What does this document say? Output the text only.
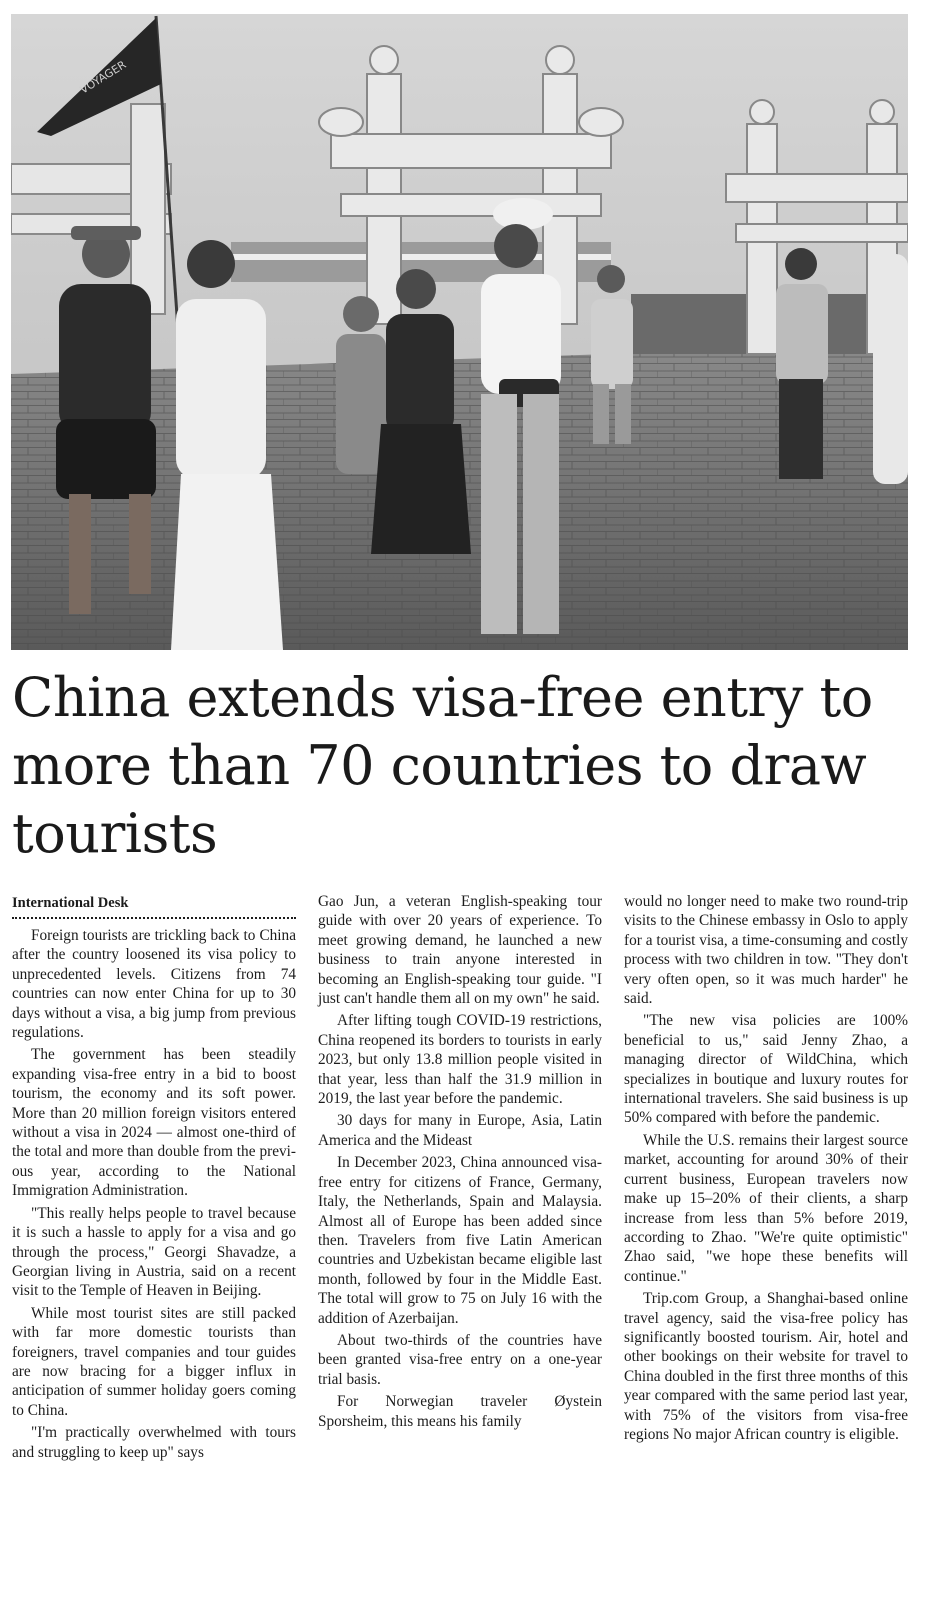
VOYAGER
China extends visa-free entry to more than 70 countries to draw tourists
International Desk

Foreign tourists are trickling back to China after the country loosened its visa policy to unprecedented levels. Citizens from 74 countries can now enter China for up to 30 days without a visa, a big jump from previous regulations.

The government has been steadily expanding visa-free entry in a bid to boost tourism, the economy and its soft power. More than 20 million foreign visitors entered without a visa in 2024 — almost one-third of the total and more than double from the previous year, according to the National Immigration Administration.

"This really helps people to travel because it is such a hassle to apply for a visa and go through the process," Georgi Shavadze, a Georgian living in Austria, said on a recent visit to the Temple of Heaven in Beijing.

While most tourist sites are still packed with far more domestic tourists than foreigners, travel companies and tour guides are now bracing for a bigger influx in anticipation of summer holiday goers coming to China.

"I'm practically overwhelmed with tours and struggling to keep up" says

Gao Jun, a veteran English-speaking tour guide with over 20 years of experience. To meet growing demand, he launched a new business to train anyone interested in becoming an English-speaking tour guide. "I just can't handle them all on my own" he said.

After lifting tough COVID-19 restrictions, China reopened its borders to tourists in early 2023, but only 13.8 million people visited in that year, less than half the 31.9 million in 2019, the last year before the pandemic.

30 days for many in Europe, Asia, Latin America and the Mideast

In December 2023, China announced visa-free entry for citizens of France, Germany, Italy, the Netherlands, Spain and Malaysia. Almost all of Europe has been added since then. Travelers from five Latin American countries and Uzbekistan became eligible last month, followed by four in the Middle East. The total will grow to 75 on July 16 with the addition of Azerbaijan.

About two-thirds of the countries have been granted visa-free entry on a one-year trial basis.

For Norwegian traveler Øystein Sporsheim, this means his family

would no longer need to make two round-trip visits to the Chinese embassy in Oslo to apply for a tourist visa, a time-consuming and costly process with two children in tow. "They don't very often open, so it was much harder" he said.

"The new visa policies are 100% beneficial to us," said Jenny Zhao, a managing director of WildChina, which specializes in boutique and luxury routes for international travelers. She said business is up 50% compared with before the pandemic.

While the U.S. remains their largest source market, accounting for around 30% of their current business, European travelers now make up 15–20% of their clients, a sharp increase from less than 5% before 2019, according to Zhao. "We're quite optimistic" Zhao said, "we hope these benefits will continue."

Trip.com Group, a Shanghai-based online travel agency, said the visa-free policy has significantly boosted tourism. Air, hotel and other bookings on their website for travel to China doubled in the first three months of this year compared with the same period last year, with 75% of the visitors from visa-free regions No major African country is eligible.
